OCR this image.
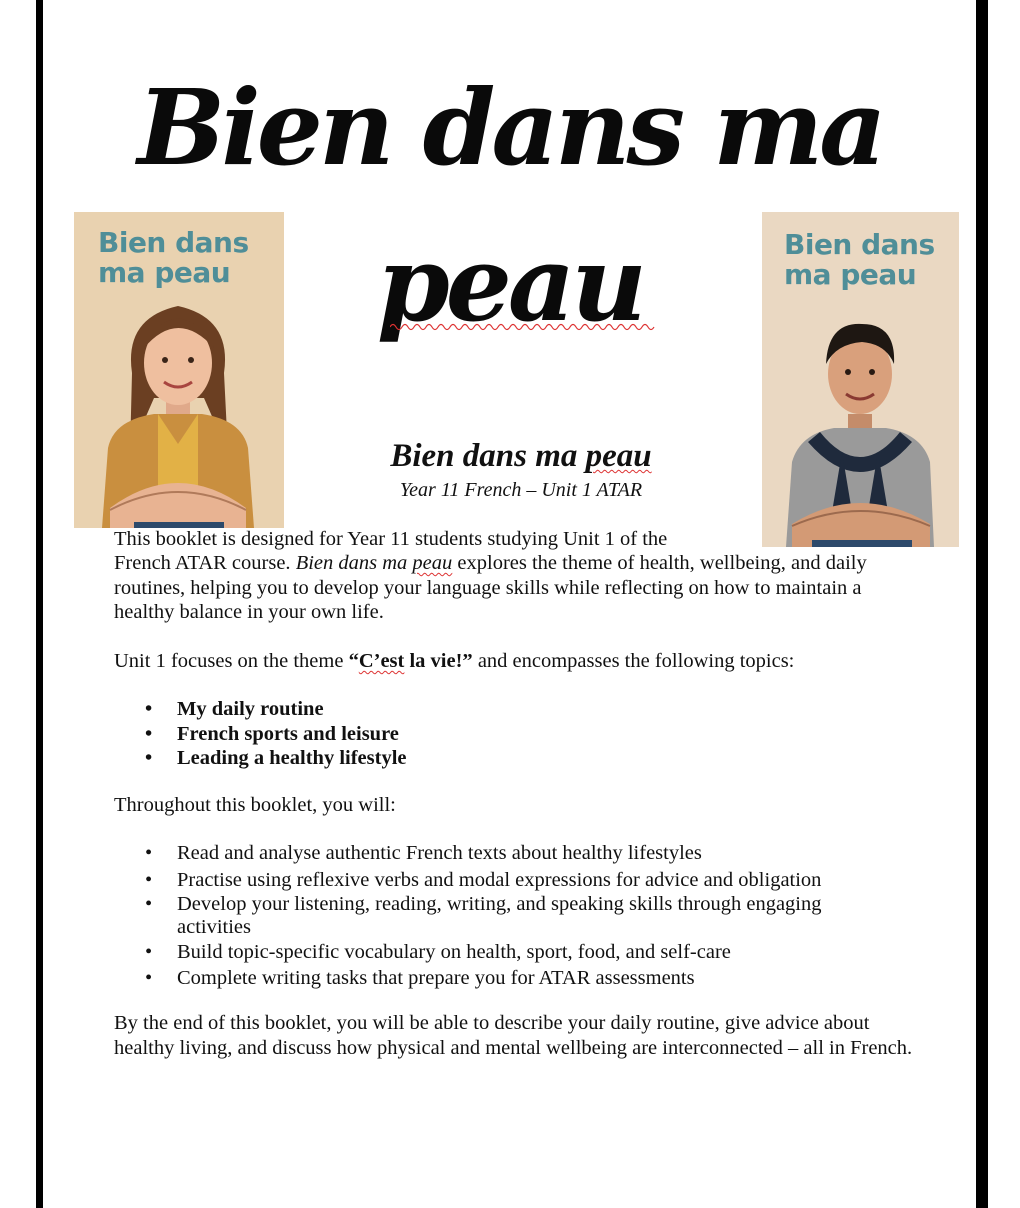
Bien dans ma
peau
Bien dans
ma peau
Bien dans
ma peau
Bien dans ma peau
Year 11 French – Unit 1 ATAR

This booklet is designed for Year 11 students studying Unit 1 of the

French ATAR course. Bien dans ma peau explores the theme of health, wellbeing, and daily routines, helping you to develop your language skills while reflecting on how to maintain a healthy balance in your own life.

Unit 1 focuses on the theme “C’est la vie!” and encompasses the following topics:

• My daily routine
• French sports and leisure
• Leading a healthy lifestyle

Throughout this booklet, you will:

• Read and analyse authentic French texts about healthy lifestyles
• Practise using reflexive verbs and modal expressions for advice and obligation
• Develop your listening, reading, writing, and speaking skills through engaging activities
• Build topic-specific vocabulary on health, sport, food, and self-care
• Complete writing tasks that prepare you for ATAR assessments

By the end of this booklet, you will be able to describe your daily routine, give advice about healthy living, and discuss how physical and mental wellbeing are interconnected – all in French.
